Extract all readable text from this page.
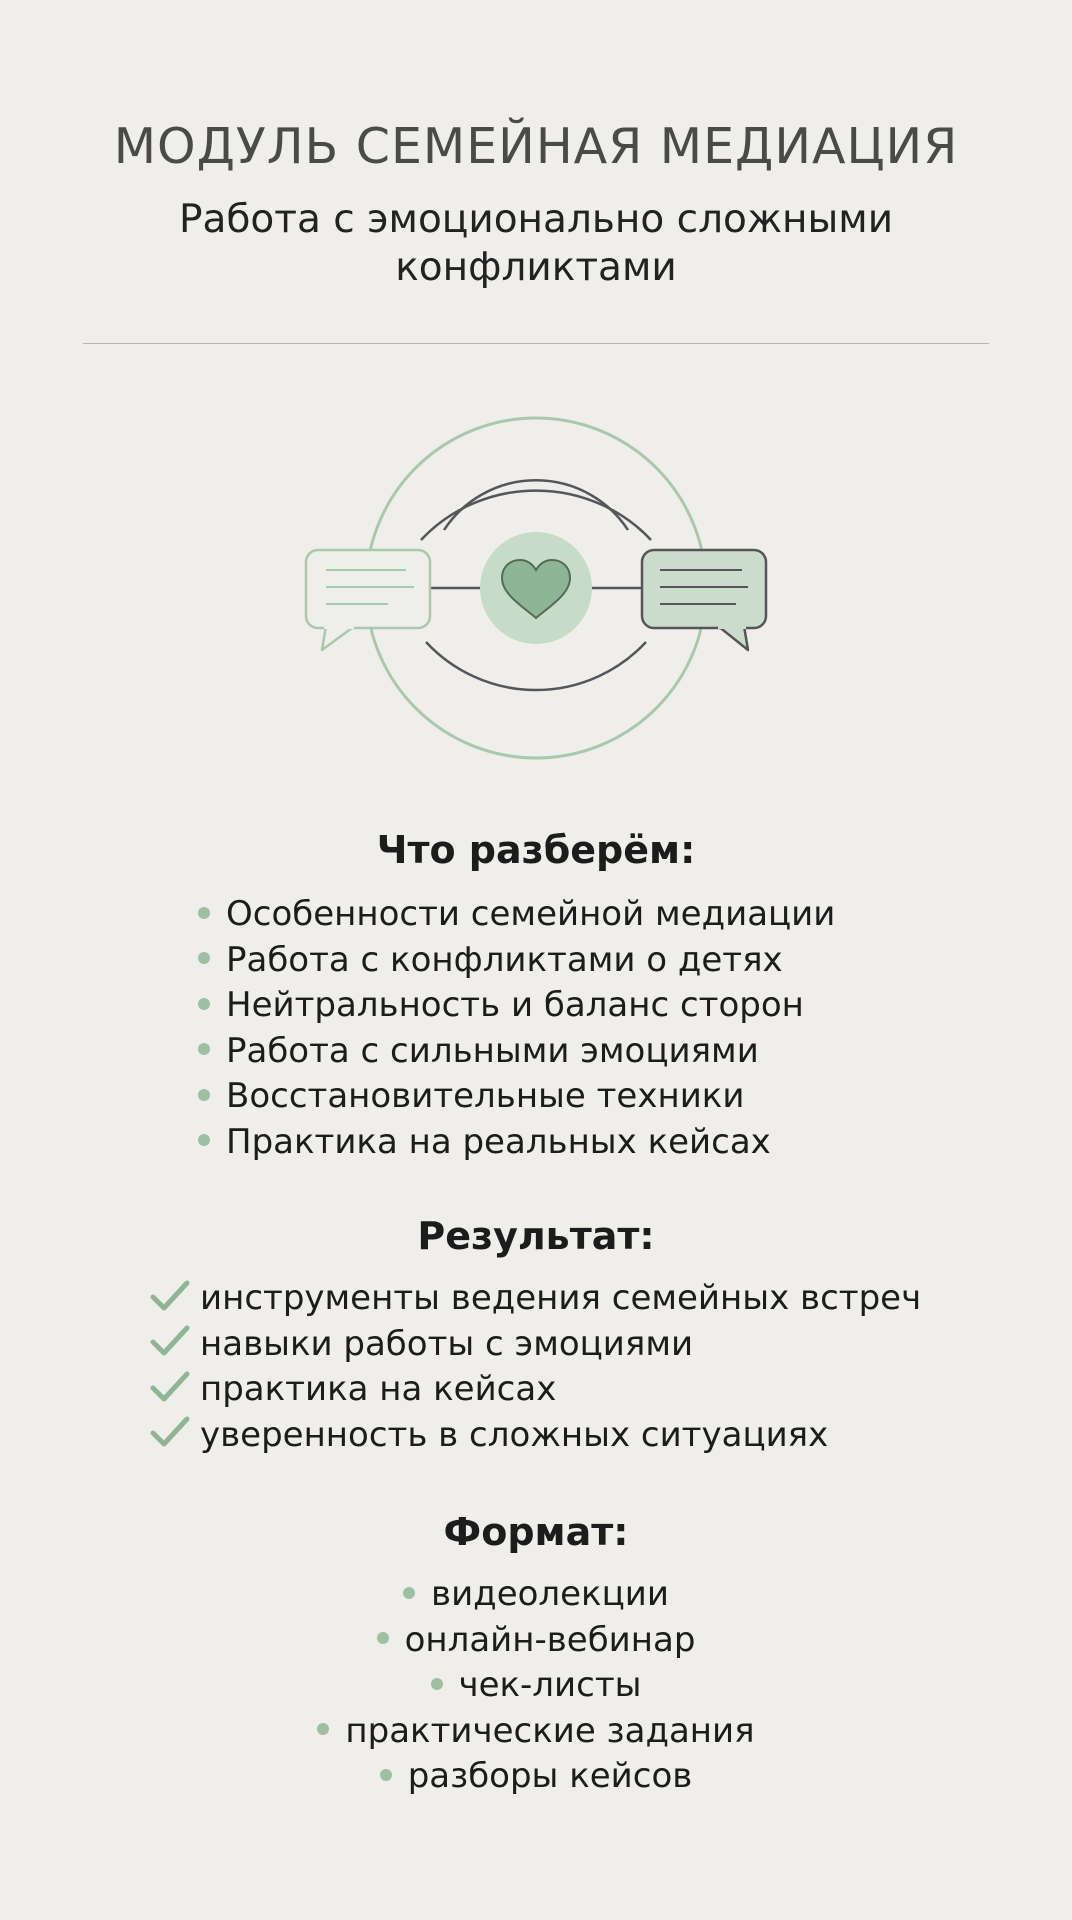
МОДУЛЬ СЕМЕЙНАЯ МЕДИАЦИЯ

Работа с эмоционально сложными конфликтами

Что разберём:
Особенности семейной медиации
Работа с конфликтами о детях
Нейтральность и баланс сторон
Работа с сильными эмоциями
Восстановительные техники
Практика на реальных кейсах
Результат:
инструменты ведения семейных встреч
навыки работы с эмоциями
практика на кейсах
уверенность в сложных ситуациях
Формат:
видеолекции
онлайн-вебинар
чек-листы
практические задания
разборы кейсов
